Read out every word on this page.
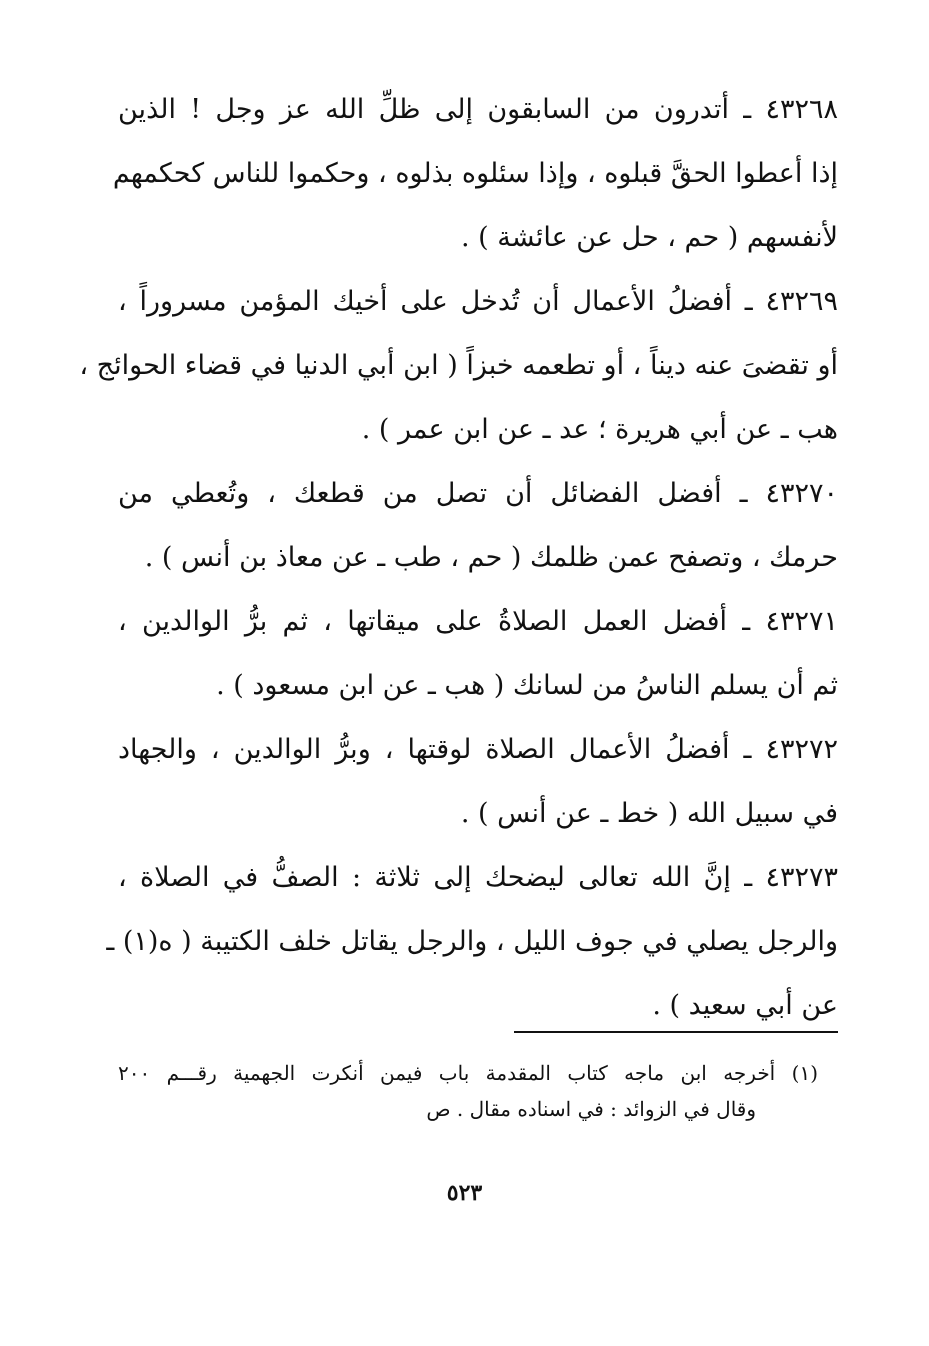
٤٣٢٦٨ ـ أتدرون من السابقون إلى ظلِّ الله عز وجل ! الذين
إذا أعطوا الحقَّ قبلوه ، وإذا سئلوه بذلوه ، وحكموا للناس كحكمهم
لأنفسهم ( حم ، حل عن عائشة ) .
٤٣٢٦٩ ـ أفضلُ الأعمال أن تُدخل على أخيك المؤمن مسروراً ،
أو تقضىَ عنه ديناً ، أو تطعمه خبزاً ( ابن أبي الدنيا في قضاء الحوائج ،
هب ـ عن أبي هريرة ؛ عد ـ عن ابن عمر ) .
٤٣٢٧٠ ـ أفضل الفضائل أن تصل من قطعك ، وتُعطي من
حرمك ، وتصفح عمن ظلمك ( حم ، طب ـ عن معاذ بن أنس ) .
٤٣٢٧١ ـ أفضل العمل الصلاةُ على ميقاتها ، ثم برُّ الوالدين ،
ثم أن يسلم الناسُ من لسانك ( هب ـ عن ابن مسعود ) .
٤٣٢٧٢ ـ أفضلُ الأعمال الصلاة لوقتها ، وبرُّ الوالدين ، والجهاد
في سبيل الله ( خط ـ عن أنس ) .
٤٣٢٧٣ ـ إنَّ الله تعالى ليضحك إلى ثلاثة : الصفُّ في الصلاة ،
والرجل يصلي في جوف الليل ، والرجل يقاتل خلف الكتيبة ( ه(١) ـ
عن أبي سعيد ) .
(١) أخرجه ابن ماجه كتاب المقدمة باب فيمن أنكرت الجهمية رقـــم ٢٠٠
وقال في الزوائد : في اسناده مقال . ص
٥٢٣
